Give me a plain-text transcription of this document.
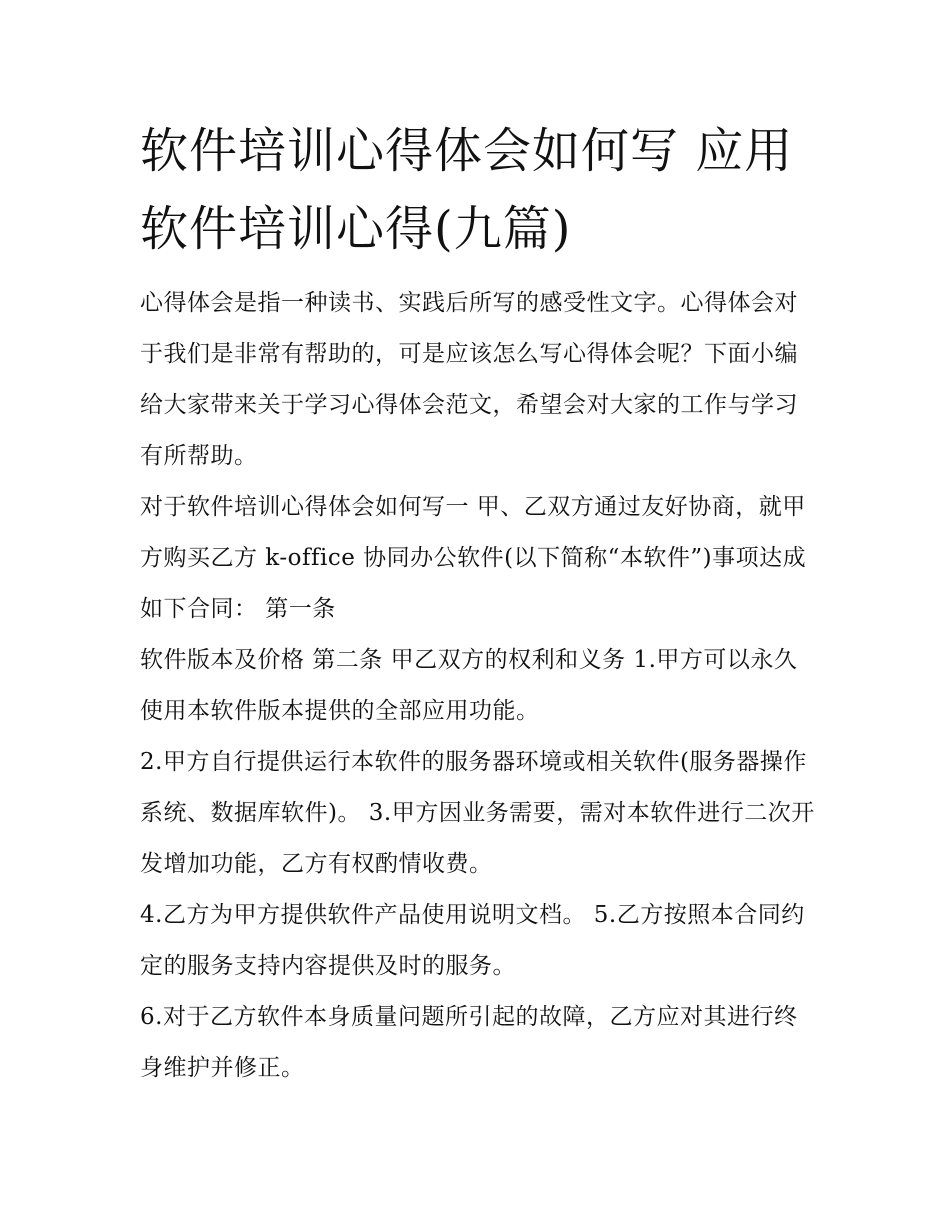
软件培训心得体会如何写 应用软件培训心得(九篇)

心得体会是指一种读书、实践后所写的感受性文字。心得体会对于我们是非常有帮助的，可是应该怎么写心得体会呢？下面小编给大家带来关于学习心得体会范文，希望会对大家的工作与学习有所帮助。

对于软件培训心得体会如何写一 甲、乙双方通过友好协商，就甲方购买乙方 k-office 协同办公软件(以下简称“本软件”)事项达成如下合同： 第一条

软件版本及价格 第二条 甲乙双方的权利和义务 1.甲方可以永久使用本软件版本提供的全部应用功能。

2.甲方自行提供运行本软件的服务器环境或相关软件(服务器操作系统、数据库软件)。 3.甲方因业务需要，需对本软件进行二次开发增加功能，乙方有权酌情收费。

4.乙方为甲方提供软件产品使用说明文档。 5.乙方按照本合同约定的服务支持内容提供及时的服务。

6.对于乙方软件本身质量问题所引起的故障，乙方应对其进行终身维护并修正。
